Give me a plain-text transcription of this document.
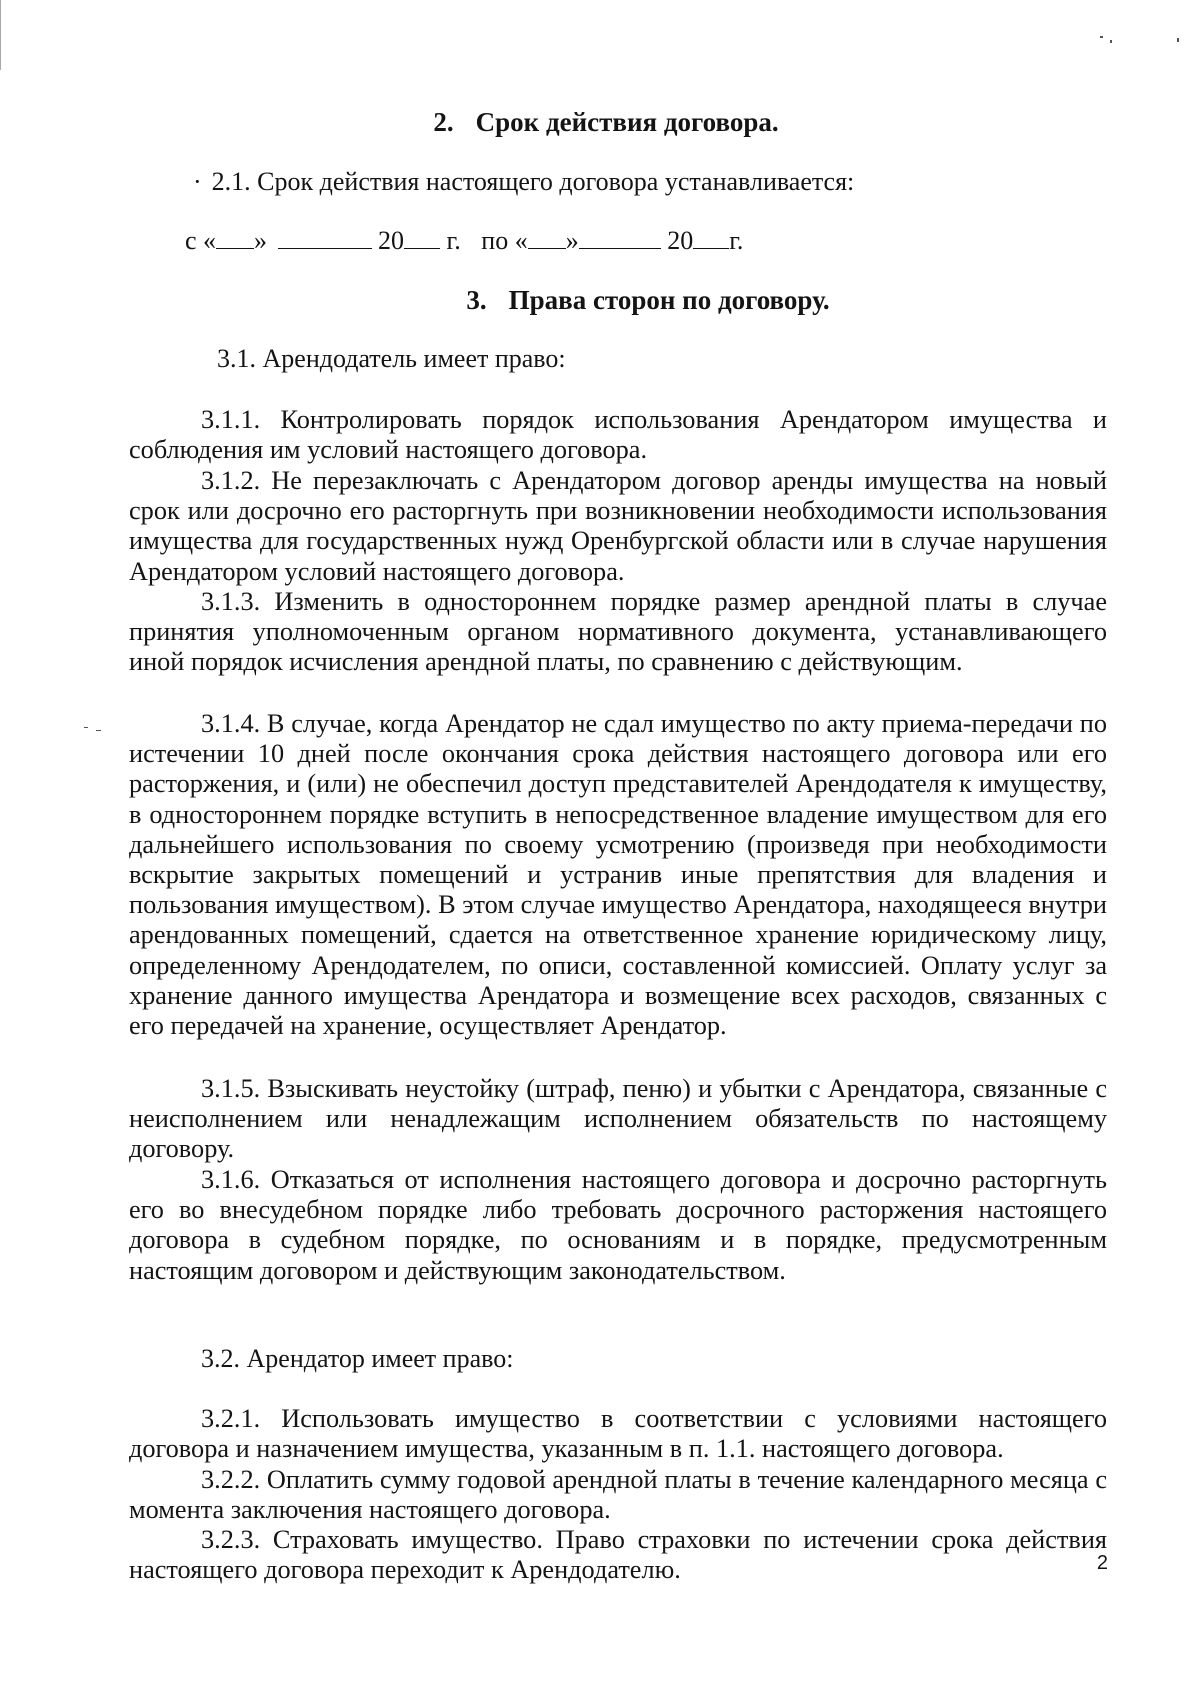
2. Срок действия договора.
· 2.1. Срок действия настоящего договора устанавливается:
с « »	20 г. по « »	20 г.
3. Права сторон по договору.
3.1. Арендодатель имеет право:
3.1.1. Контролировать порядок использования Арендатором имущества и соблюдения им условий настоящего договора.
3.1.2. Не перезаключать с Арендатором договор аренды имущества на новый срок или досрочно его расторгнуть при возникновении необходимости использования имущества для государственных нужд Оренбургской области или в случае нарушения Арендатором условий настоящего договора.
3.1.3. Изменить в одностороннем порядке размер арендной платы в случае принятия уполномоченным органом нормативного документа, устанавливающего иной порядок исчисления арендной платы, по сравнению с действующим.
3.1.4. В случае, когда Арендатор не сдал имущество по акту приема-передачи по истечении 10 дней после окончания срока действия настоящего договора или его расторжения, и (или) не обеспечил доступ представителей Арендодателя к имуществу, в одностороннем порядке вступить в непосредственное владение имуществом для его дальнейшего использования по своему усмотрению (произведя при необходимости вскрытие закрытых помещений и устранив иные препятствия для владения и пользования имуществом). В этом случае имущество Арендатора, находящееся внутри арендованных помещений, сдается на ответственное хранение юридическому лицу, определенному Арендодателем, по описи, составленной комиссией. Оплату услуг за хранение данного имущества Арендатора и возмещение всех расходов, связанных с его передачей на хранение, осуществляет Арендатор.
3.1.5. Взыскивать неустойку (штраф, пеню) и убытки с Арендатора, связанные с неисполнением или ненадлежащим исполнением обязательств по настоящему договору.
3.1.6. Отказаться от исполнения настоящего договора и досрочно расторгнуть его во внесудебном порядке либо требовать досрочного расторжения настоящего договора в судебном порядке, по основаниям и в порядке, предусмотренным настоящим договором и действующим законодательством.
3.2. Арендатор имеет право:
3.2.1. Использовать имущество в соответствии с условиями настоящего договора и назначением имущества, указанным в п. 1.1. настоящего договора.
3.2.2. Оплатить сумму годовой арендной платы в течение календарного месяца с момента заключения настоящего договора.
3.2.3. Страховать имущество. Право страховки по истечении срока действия настоящего договора переходит к Арендодателю.	2
